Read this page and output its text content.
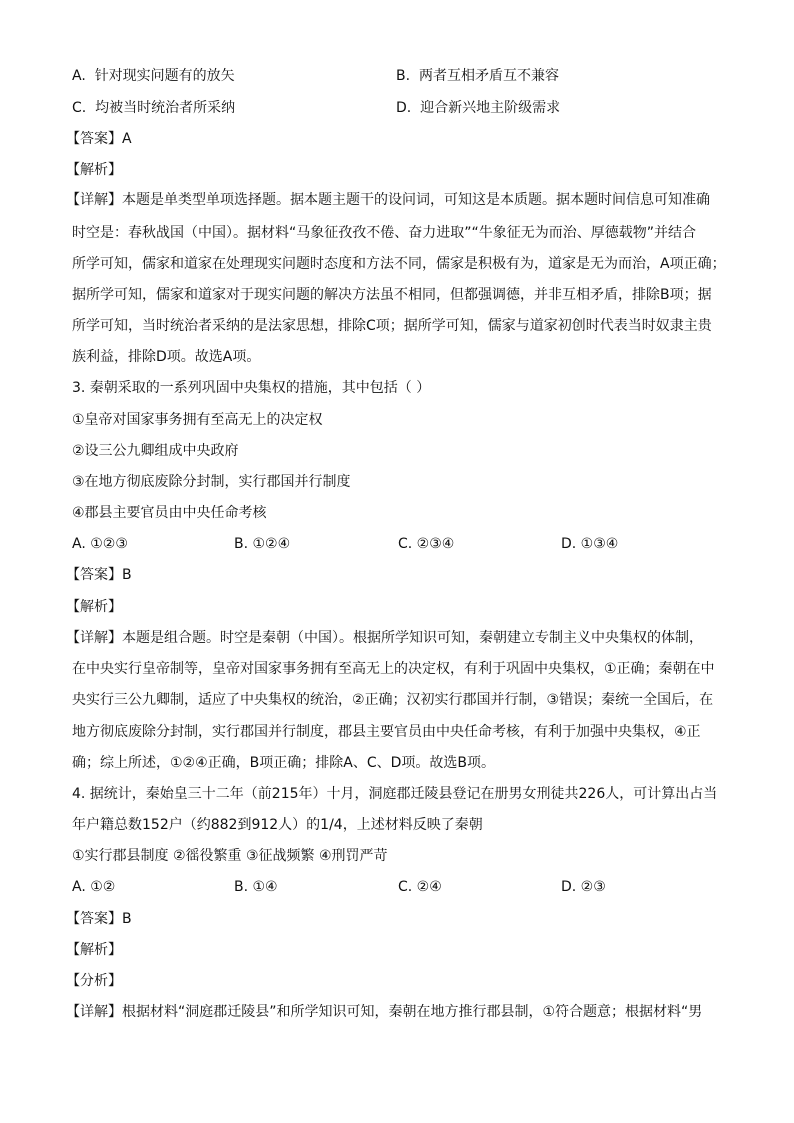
A. 针对现实问题有的放矢	B. 两者互相矛盾互不兼容
C. 均被当时统治者所采纳	D. 迎合新兴地主阶级需求
【答案】A
【解析】
【详解】本题是单类型单项选择题。据本题主题干的设问词，可知这是本质题。据本题时间信息可知准确
时空是：春秋战国（中国）。据材料“马象征孜孜不倦、奋力进取”“牛象征无为而治、厚德载物”并结合
所学可知，儒家和道家在处理现实问题时态度和方法不同，儒家是积极有为，道家是无为而治，A项正确；
据所学可知，儒家和道家对于现实问题的解决方法虽不相同，但都强调德，并非互相矛盾，排除B项；据
所学可知，当时统治者采纳的是法家思想，排除C项；据所学可知，儒家与道家初创时代表当时奴隶主贵
族利益，排除D项。故选A项。
3. 秦朝采取的一系列巩固中央集权的措施，其中包括（ ）
①皇帝对国家事务拥有至高无上的决定权
②设三公九卿组成中央政府
③在地方彻底废除分封制，实行郡国并行制度
④郡县主要官员由中央任命考核
A. ①②③	B. ①②④	C. ②③④	D. ①③④
【答案】B
【解析】
【详解】本题是组合题。时空是秦朝（中国）。根据所学知识可知，秦朝建立专制主义中央集权的体制，
在中央实行皇帝制等，皇帝对国家事务拥有至高无上的决定权，有利于巩固中央集权，①正确；秦朝在中
央实行三公九卿制，适应了中央集权的统治，②正确；汉初实行郡国并行制，③错误；秦统一全国后，在
地方彻底废除分封制，实行郡国并行制度，郡县主要官员由中央任命考核，有利于加强中央集权，④正
确；综上所述，①②④正确，B项正确；排除A、C、D项。故选B项。
4. 据统计，秦始皇三十二年（前215年）十月，洞庭郡迁陵县登记在册男女刑徒共226人，可计算出占当
年户籍总数152户（约882到912人）的1/4，上述材料反映了秦朝
①实行郡县制度 ②徭役繁重 ③征战频繁 ④刑罚严苛
A. ①②	B. ①④	C. ②④	D. ②③
【答案】B
【解析】
【分析】
【详解】根据材料“洞庭郡迁陵县”和所学知识可知，秦朝在地方推行郡县制，①符合题意；根据材料“男
